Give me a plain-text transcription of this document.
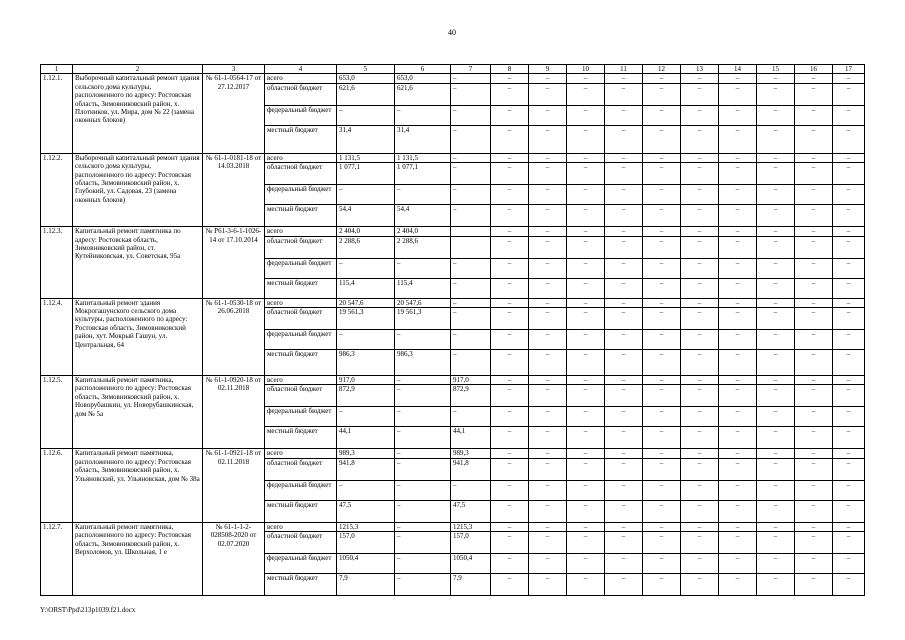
40
1	2	3	4	5	6	7	8	9	10	11	12	13	14	15	16	17
1.12.1.	Выборочный капитальный ремонт здания сельского дома культуры, расположенного по адресу: Ростовская область, Зимовниковский район, х. Плотников, ул. Мира, дом № 22 (замена оконных блоков)	№ 61-1-0564-17 от 27.12.2017	всего	653,0	653,0	–	–	–	–	–	–	–	–	–	–	–
			областной бюджет	621,6	621,6	–	–	–	–	–	–	–	–	–	–	–
			федеральный бюджет	–	–	–	–	–	–	–	–	–	–	–	–	–
			местный бюджет	31,4	31,4	–	–	–	–	–	–	–	–	–	–	–
1.12.2.	Выборочный капитальный ремонт здания сельского дома культуры, расположенного по адресу: Ростовская область, Зимовниковский район, х. Глубокий, ул. Садовая, 23 (замена оконных блоков)	№ 61-1-0181-18 от 14.03.2018	всего	1 131,5	1 131,5	–	–	–	–	–	–	–	–	–	–	–
			областной бюджет	1 077,1	1 077,1	–	–	–	–	–	–	–	–	–	–	–
			федеральный бюджет	–	–	–	–	–	–	–	–	–	–	–	–	–
			местный бюджет	54,4	54,4	–	–	–	–	–	–	–	–	–	–	–
1.12.3.	Капитальный ремонт памятника по адресу: Ростовская область, Зимовниковский район, ст. Кутейниковская, ул. Советская, 95а	№ Р61-3-6-1-1026-14 от 17.10.2014	всего	2 404,0	2 404,0		–	–	–	–	–	–	–	–	–	–
			областной бюджет	2 288,6	2 288,6		–	–	–	–	–	–	–	–	–	–
			федеральный бюджет	–	–	–	–	–	–	–	–	–	–	–	–	–
			местный бюджет	115,4	115,4	–	–	–	–	–	–	–	–	–	–	–
1.12.4.	Капитальный ремонт здания Мокрогашунского сельского дома культуры, расположенного по адресу: Ростовская область, Зимовниковский район, хут. Мокрый Гашун, ул. Центральная, 64	№ 61-1-0530-18 от 26.06.2018	всего	20 547,6	20 547,6	–	–	–	–	–	–	–	–	–	–	–
			областной бюджет	19 561,3	19 561,3	–	–	–	–	–	–	–	–	–	–	–
			федеральный бюджет	–	–	–	–	–	–	–	–	–	–	–	–	–
			местный бюджет	986,3	986,3	–	–	–	–	–	–	–	–	–	–	–
1.12.5.	Капитальный ремонт памятника, расположенного по адресу: Ростовская область, Зимовниковский район, х. Новорубашкин, ул. Новорубашкинская, дом № 5а	№ 61-1-0920-18 от 02.11.2018	всего	917,0	–	917,0	–	–	–	–	–	–	–	–	–	–
			областной бюджет	872,9	–	872,9	–	–	–	–	–	–	–	–	–	–
			федеральный бюджет	–	–	–	–	–	–	–	–	–	–	–	–	–
			местный бюджет	44,1	–	44,1	–	–	–	–	–	–	–	–	–	–
1.12.6.	Капитальный ремонт памятника, расположенного по адресу: Ростовская область, Зимовниковский район, х. Ульяновский, ул. Ульяновская, дом № 38а	№ 61-1-0921-18 от 02.11.2018	всего	989,3	–	989,3	–	–	–	–	–	–	–	–	–	–
			областной бюджет	941,8	–	941,8	–	–	–	–	–	–	–	–	–	–
			федеральный бюджет	–	–	–	–	–	–	–	–	–	–	–	–	–
			местный бюджет	47,5	–	47,5	–	–	–	–	–	–	–	–	–	–
1.12.7.	Капитальный ремонт памятника, расположенного по адресу: Ростовская область, Зимовниковский район, х. Верхоломов, ул. Школьная, 1 е	№ 61-1-1-2-028508-2020 от 02.07.2020	всего	1215,3	–	1215,3	–	–	–	–	–	–	–	–	–	–
			областной бюджет	157,0	–	157,0	–	–	–	–	–	–	–	–	–	–
			федеральный бюджет	1050,4	–	1050,4	–	–	–	–	–	–	–	–	–	–
			местный бюджет	7,9	–	7,9	–	–	–	–	–	–	–	–	–	–
Y:\ORST\Ppd\213p1039.f21.docx
